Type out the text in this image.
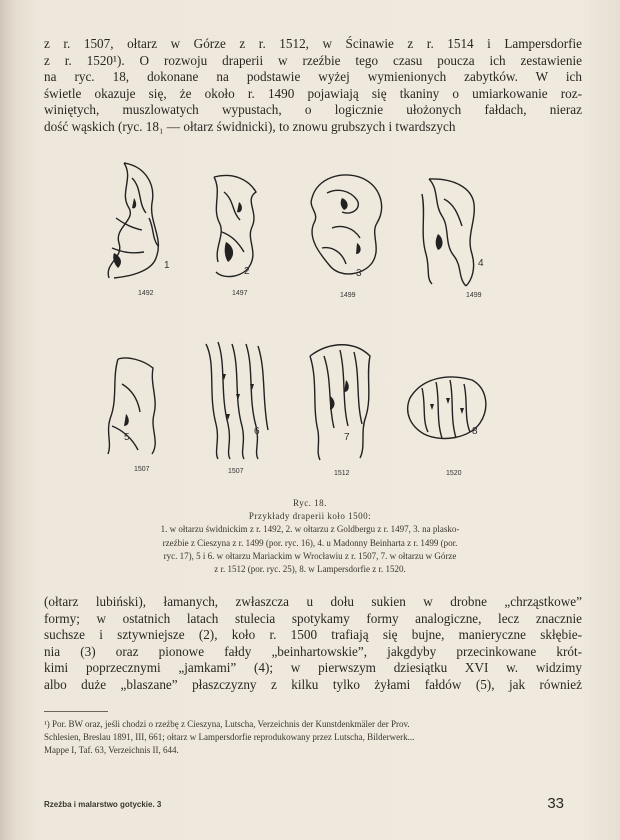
z r. 1507, ołtarz w Górze z r. 1512, w Ścinawie z r. 1514 i Lampersdorfie
z r. 1520¹). O rozwoju draperii w rzeźbie tego czasu poucza ich zestawienie
na ryc. 18, dokonane na podstawie wyżej wymienionych zabytków. W ich
świetle okazuje się, że około r. 1490 pojawiają się tkaniny o umiarkowanie roz-
winiętych, muszlowatych wypustach, o logicznie ułożonych fałdach, nieraz
dość wąskich (ryc. 18₁ — ołtarz świdnicki), to znowu grubszych i twardszych
1
1492
2
1497
3
1499
4
1499
5
1507
6
1507
7
1512
8
1520
Ryc. 18.
Przykłady draperii koło 1500:
1. w ołtarzu świdnickim z r. 1492, 2. w ołtarzu z Goldbergu z r. 1497, 3. na plasko-
rzeźbie z Cieszyna z r. 1499 (por. ryc. 16), 4. u Madonny Beinharta z r. 1499 (por.
ryc. 17), 5 i 6. w ołtarzu Mariackim w Wrocławiu z r. 1507, 7. w ołtarzu w Górze
z r. 1512 (por. ryc. 25), 8. w Lampersdorfie z r. 1520.
(ołtarz lubiński), łamanych, zwłaszcza u dołu sukien w drobne „chrząstkowe”
formy; w ostatnich latach stulecia spotykamy formy analogiczne, lecz znacznie
suchsze i sztywniejsze (2), koło r. 1500 trafiają się bujne, manieryczne skłębie-
nia (3) oraz pionowe fałdy „beinhartowskie”, jakgdyby przecinkowane krót-
kimi poprzecznymi „jamkami” (4); w pierwszym dziesiątku XVI w. widzimy
albo duże „blaszane” płaszczyzny z kilku tylko żyłami fałdów (5), jak również
¹) Por. BW oraz, jeśli chodzi o rzeźbę z Cieszyna, Lutscha, Verzeichnis der Kunstdenkmäler der Prov.
Schlesien, Breslau 1891, III, 661; ołtarz w Lampersdorfie reprodukowany przez Lutscha, Bilderwerk...
Mappe I, Taf. 63, Verzeichnis II, 644.
Rzeźba i malarstwo gotyckie. 3	33
